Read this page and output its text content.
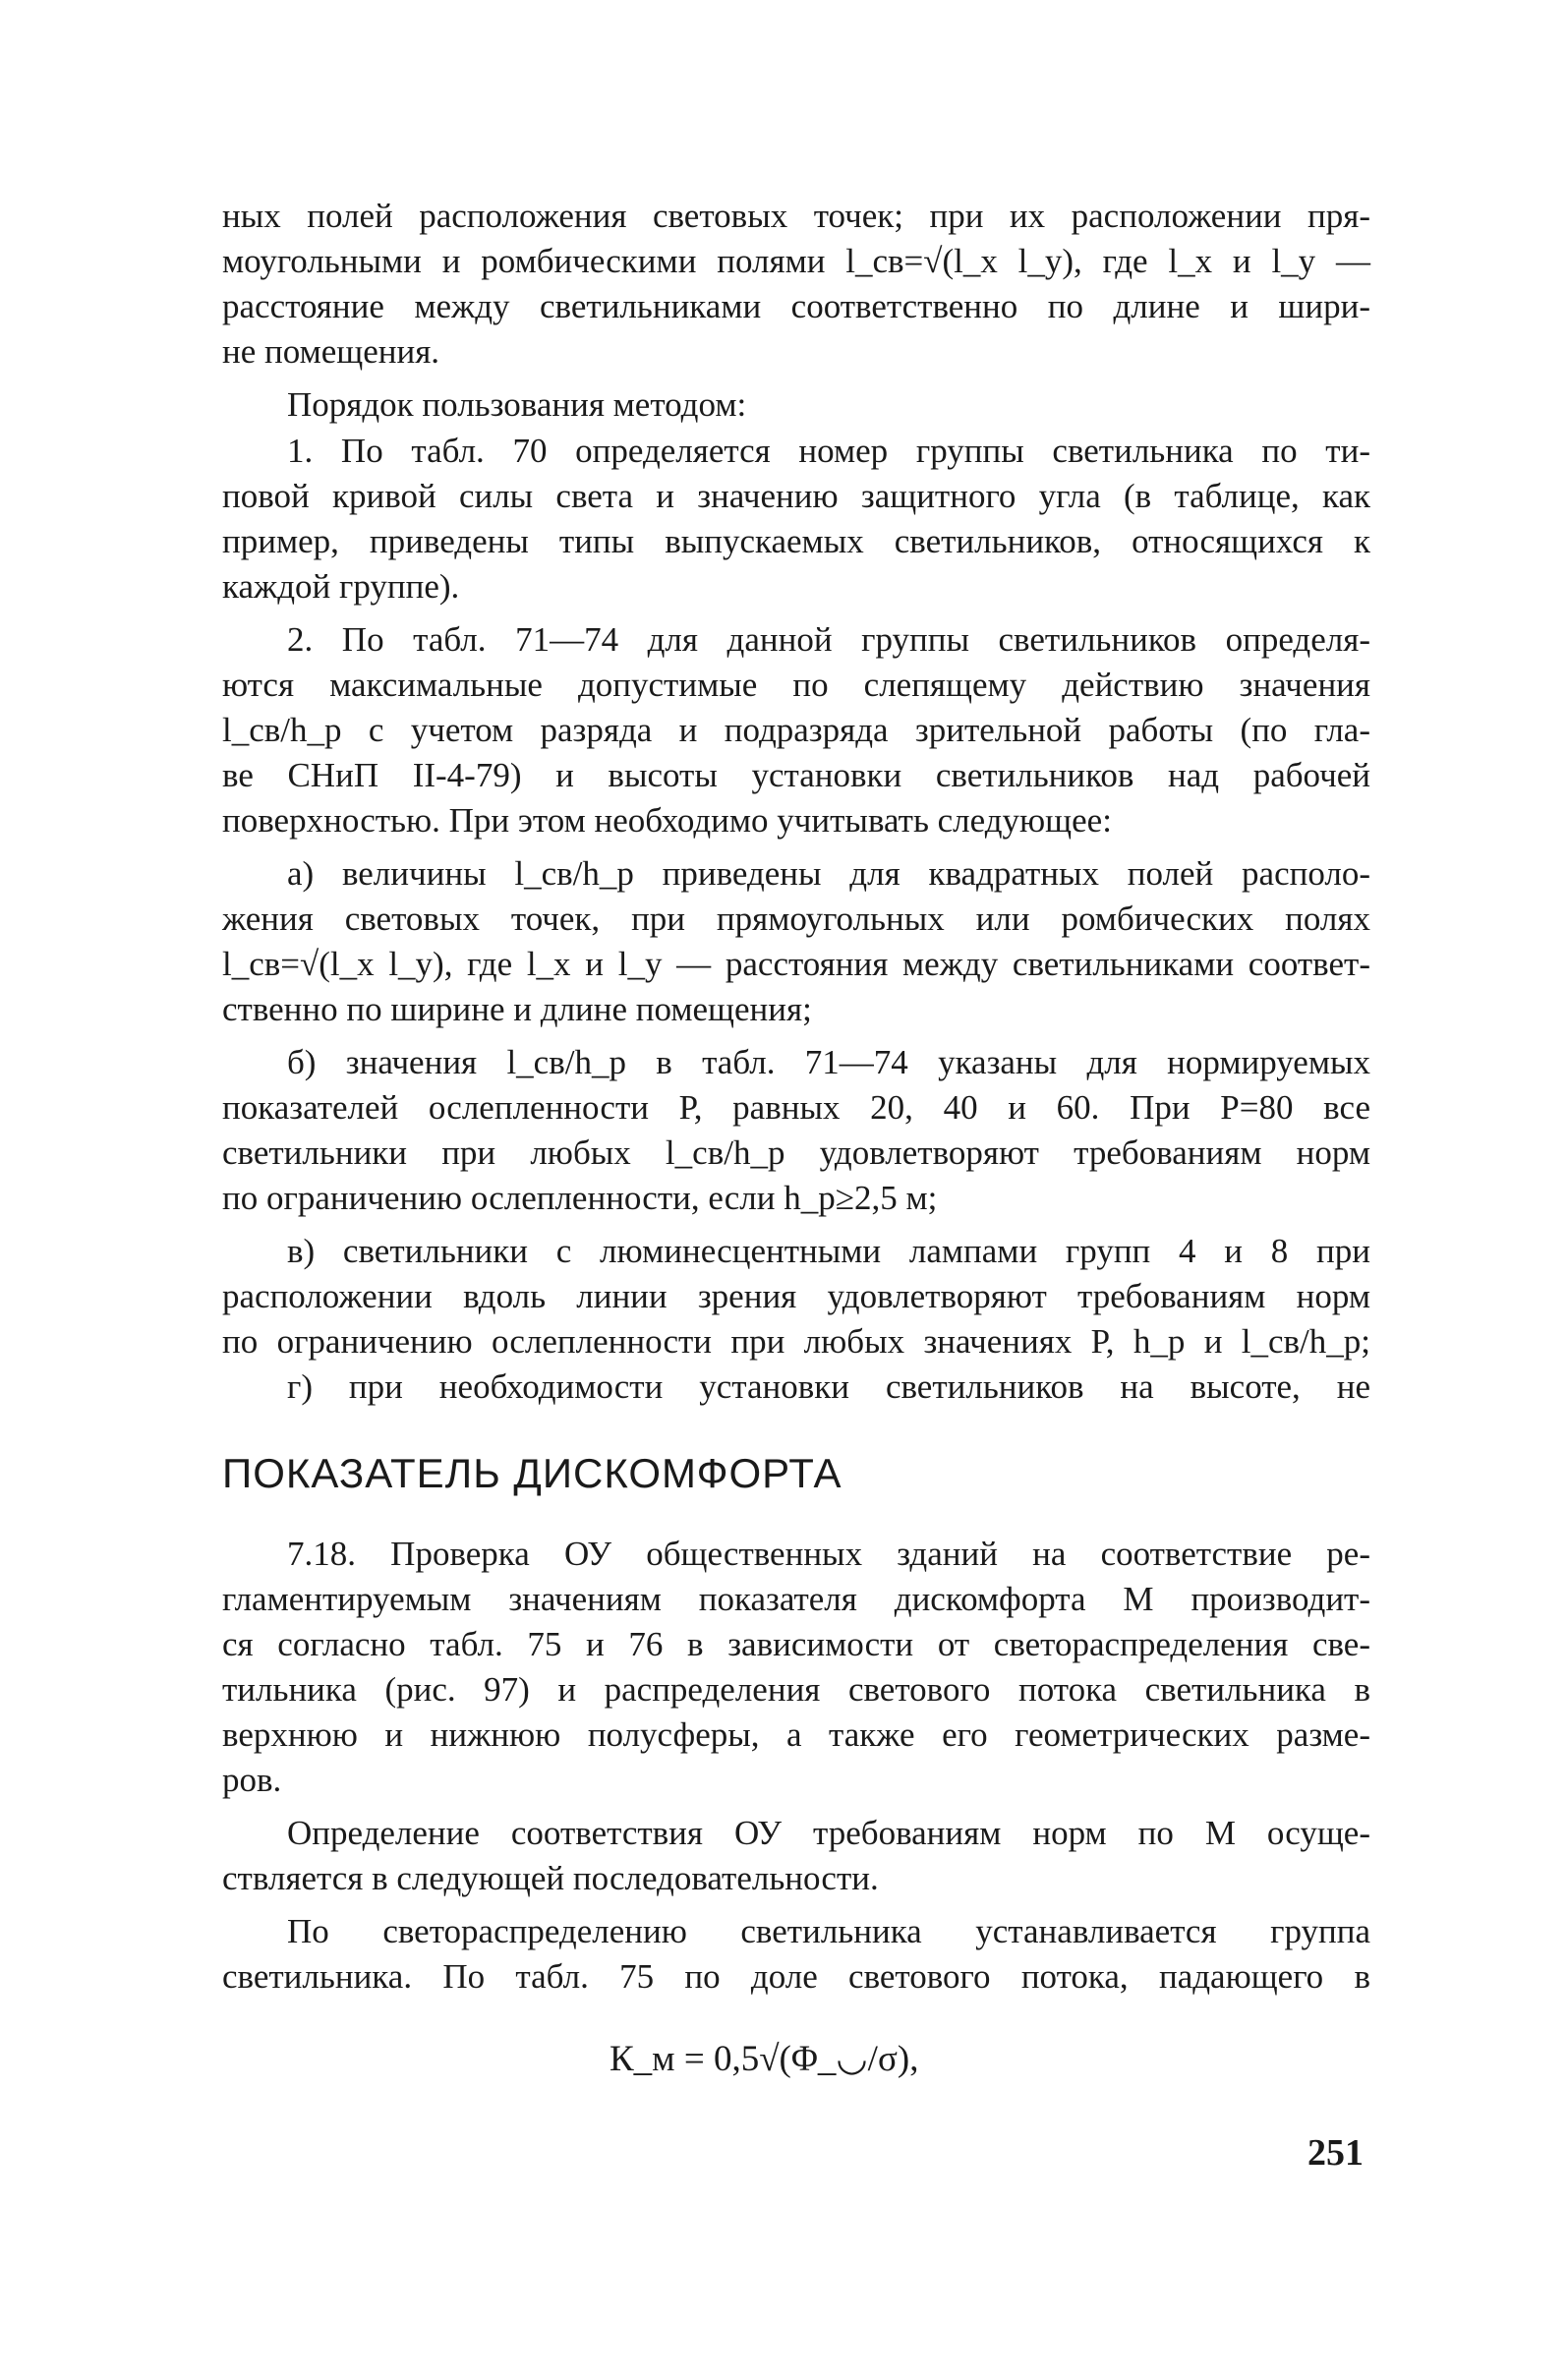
ных полей расположения световых точек; при их расположении пря-
моугольными и ромбическими полями l_св=√(l_x l_y), где l_x и l_y —
расстояние между светильниками соответственно по длине и шири-
не помещения.
Порядок пользования методом:
1. По табл. 70 определяется номер группы светильника по ти-
повой кривой силы света и значению защитного угла (в таблице, как
пример, приведены типы выпускаемых светильников, относящихся к
каждой группе).
2. По табл. 71—74 для данной группы светильников определя-
ются максимальные допустимые по слепящему действию значения
l_св/h_р с учетом разряда и подразряда зрительной работы (по гла-
ве СНиП II-4-79) и высоты установки светильников над рабочей
поверхностью. При этом необходимо учитывать следующее:
а) величины l_св/h_р приведены для квадратных полей располо-
жения световых точек, при прямоугольных или ромбических полях
l_св=√(l_x l_y), где l_x и l_y — расстояния между светильниками соответ-
ственно по ширине и длине помещения;
б) значения l_св/h_р в табл. 71—74 указаны для нормируемых
показателей ослепленности Р, равных 20, 40 и 60. При Р=80 все
светильники при любых l_св/h_р удовлетворяют требованиям норм
по ограничению ослепленности, если h_р≥2,5 м;
в) светильники с люминесцентными лампами групп 4 и 8 при
расположении вдоль линии зрения удовлетворяют требованиям норм
по ограничению ослепленности при любых значениях Р, h_р и l_св/h_р;
г) при необходимости установки светильников на высоте, не
ПОКАЗАТЕЛЬ ДИСКОМФОРТА
7.18. Проверка ОУ общественных зданий на соответствие ре-
гламентируемым значениям показателя дискомфорта М производит-
ся согласно табл. 75 и 76 в зависимости от светораспределения све-
тильника (рис. 97) и распределения светового потока светильника в
верхнюю и нижнюю полусферы, а также его геометрических разме-
ров.
Определение соответствия ОУ требованиям норм по М осуще-
ствляется в следующей последовательности.
По светораспределению светильника устанавливается группа
светильника. По табл. 75 по доле светового потока, падающего в
К_м = 0,5√(Φ_◡/σ),
251
